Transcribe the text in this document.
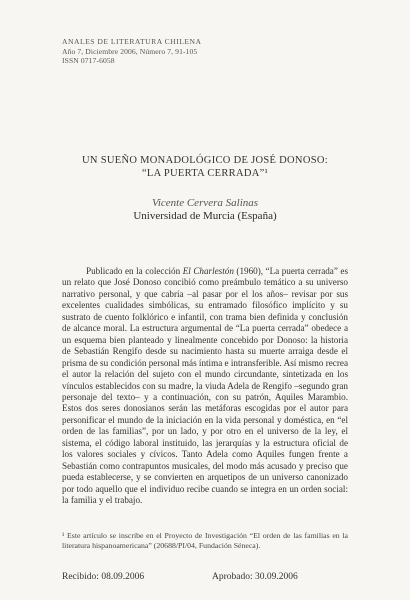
ANALES DE LITERATURA CHILENA
Año 7, Diciembre 2006, Número 7, 91-105
ISSN 0717-6058
UN SUEÑO MONADOLÓGICO DE JOSÉ DONOSO:
“LA PUERTA CERRADA”¹
Vicente Cervera Salinas
Universidad de Murcia (España)

Publicado en la colección El Charlestón (1960), “La puerta cerrada” es un relato que José Donoso concibió como preámbulo temático a su universo narrativo personal, y que cabría –al pasar por el los años– revisar por sus excelentes cualidades simbólicas, su entramado filosófico implícito y su sustrato de cuento folklórico e infantil, con trama bien definida y conclusión de alcance moral. La estructura argumental de “La puerta cerrada” obedece a un esquema bien planteado y linealmente concebido por Donoso: la historia de Sebastián Rengifo desde su nacimiento hasta su muerte arraiga desde el prisma de su condición personal más íntima e intransferible. Así mismo recrea el autor la relación del sujeto con el mundo circundante, sintetizada en los vínculos establecidos con su madre, la viuda Adela de Rengifo –segundo gran personaje del texto– y a continuación, con su patrón, Aquiles Marambio. Estos dos seres donosianos serán las metáforas escogidas por el autor para personificar el mundo de la iniciación en la vida personal y doméstica, en “el orden de las familias”, por un lado, y por otro en el universo de la ley, el sistema, el código laboral instituido, las jerarquías y la estructura oficial de los valores sociales y cívicos. Tanto Adela como Aquiles fungen frente a Sebastián como contrapuntos musicales, del modo más acusado y preciso que pueda establecerse, y se convierten en arquetipos de un universo canonizado por todo aquello que el individuo recibe cuando se integra en un orden social: la familia y el trabajo.

¹ Este artículo se inscribe en el Proyecto de Investigación “El orden de las familias en la literatura hispanoamericana” (20688/PI/04, Fundación Séneca).
Recibido: 08.09.2006	Aprobado: 30.09.2006
